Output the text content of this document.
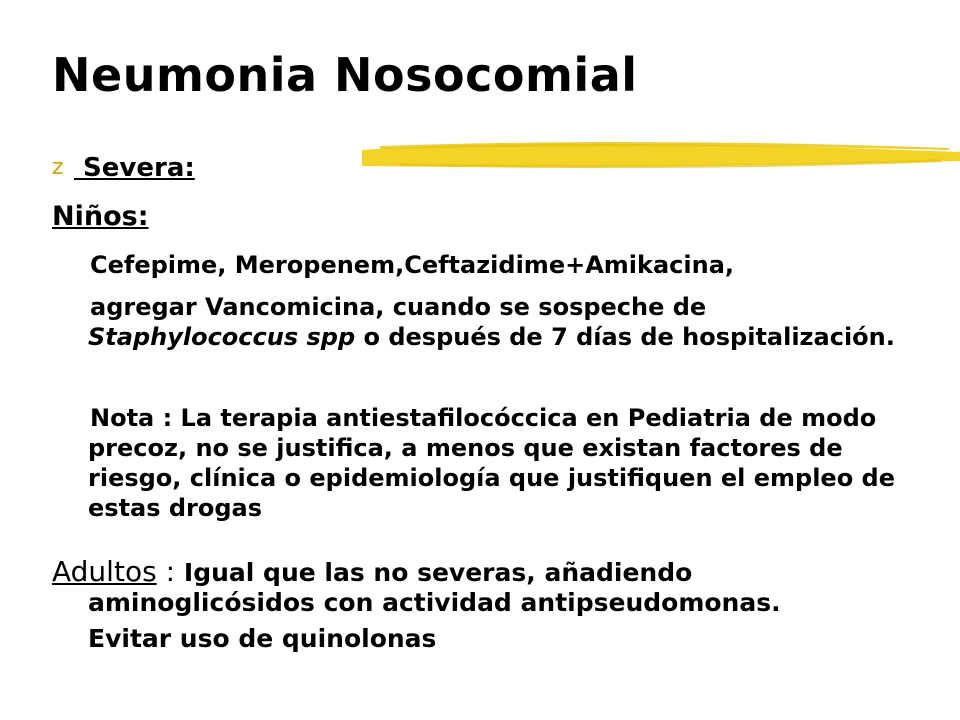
Neumonia Nosocomial
z Severa:
Niños:
Cefepime, Meropenem,Ceftazidime+Amikacina,
agregar Vancomicina, cuando se sospeche de
Staphylococcus spp o después de 7 días de hospitalización.
Nota : La terapia antiestafilocóccica en Pediatria de modo precoz, no se justifica, a menos que existan factores de riesgo, clínica o epidemiología que justifiquen el empleo de estas drogas
Adultos : Igual que las no severas, añadiendo
aminoglicósidos con actividad antipseudomonas.
Evitar uso de quinolonas
